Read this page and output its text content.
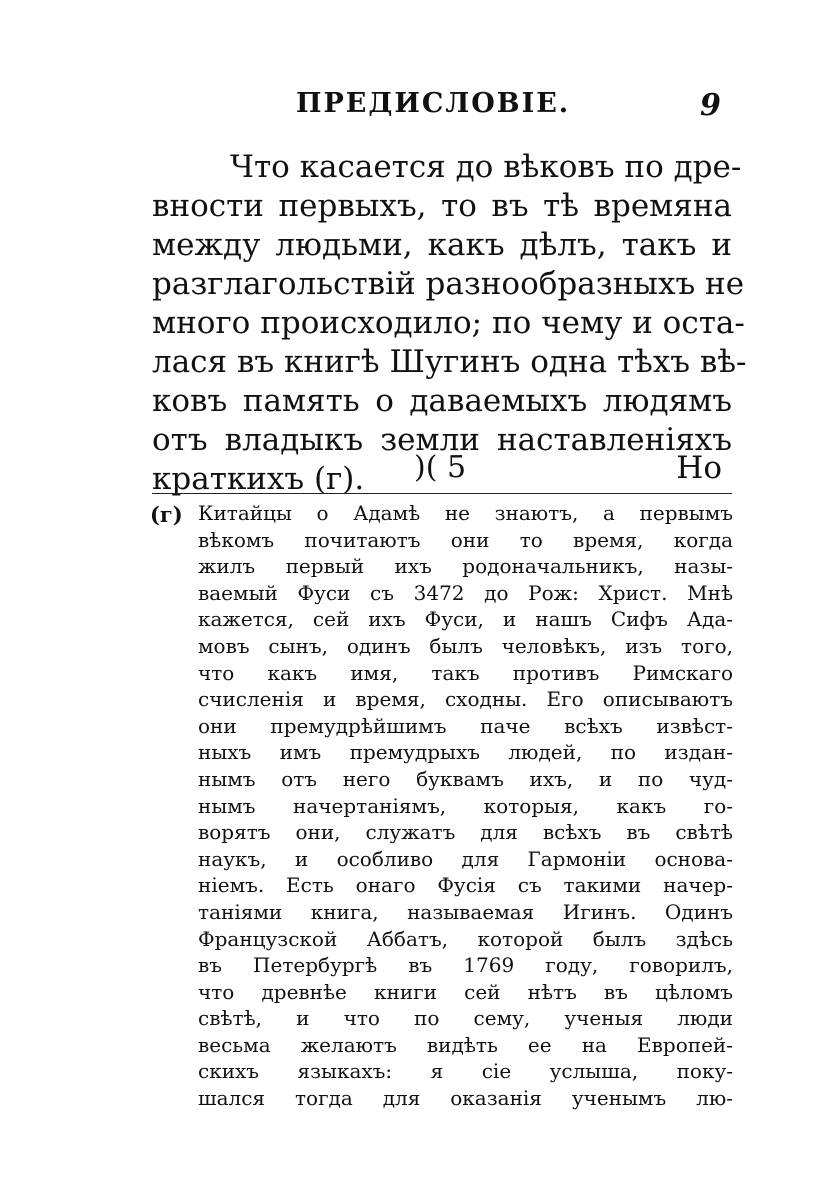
ПРЕДИСЛОВІЕ.	9
Что касается до вѣковъ по дре-
вности первыхъ, то въ тѣ времяна
между людьми, какъ дѣлъ, такъ и
разглагольствій разнообразныхъ не
много происходило; по чему и оста-
лася въ книгѣ Шугинъ одна тѣхъ вѣ-
ковъ память о даваемыхъ людямъ
отъ владыкъ земли наставленіяхъ
краткихъ (г).	)( 5	Но
(г) Китайцы о Адамѣ не знаютъ, а первымъ
вѣкомъ почитаютъ они то время, когда
жилъ первый ихъ родоначальникъ, назы-
ваемый Фуси съ 3472 до Рож: Христ. Мнѣ
кажется, сей ихъ Фуси, и нашъ Сифъ Ада-
мовъ сынъ, одинъ былъ человѣкъ, изъ того,
что какъ имя, такъ противъ Римскаго
счисленія и время, сходны. Его описываютъ
они премудрѣйшимъ паче всѣхъ извѣст-
ныхъ имъ премудрыхъ людей, по издан-
нымъ отъ него буквамъ ихъ, и по чуд-
нымъ начертаніямъ, которыя, какъ го-
ворятъ они, служатъ для всѣхъ въ свѣтѣ
наукъ, и особливо для Гармоніи основа-
ніемъ. Есть онаго Фусія съ такими начер-
таніями книга, называемая Игинъ. Одинъ
Французской Аббатъ, которой былъ здѣсь
въ Петербургѣ въ 1769 году, говорилъ,
что древнѣе книги сей нѣтъ въ цѣломъ
свѣтѣ, и что по сему, ученыя люди
весьма желаютъ видѣть ее на Европей-
скихъ языкахъ: я сіе услыша, поку-
шался тогда для оказанія ученымъ лю-
